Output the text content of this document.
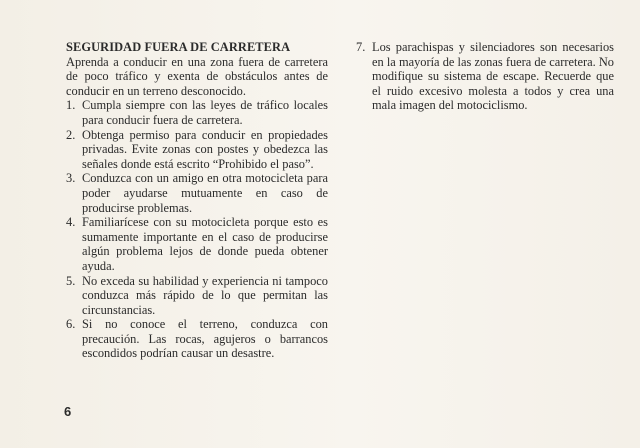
SEGURIDAD FUERA DE CARRETERA

Aprenda a conducir en una zona fuera de carretera de poco tráfico y exenta de obstáculos antes de conducir en un terreno desconocido.

1. Cumpla siempre con las leyes de tráfico locales para conducir fuera de carretera.
2. Obtenga permiso para conducir en propiedades privadas. Evite zonas con postes y obedezca las señales donde está escrito “Prohibido el paso”.
3. Conduzca con un amigo en otra motocicleta para poder ayudarse mutuamente en caso de producirse problemas.
4. Familiarícese con su motocicleta porque esto es sumamente importante en el caso de producirse algún problema lejos de donde pueda obtener ayuda.
5. No exceda su habilidad y experiencia ni tampoco conduzca más rápido de lo que permitan las circunstancias.
6. Si no conoce el terreno, conduzca con precaución. Las rocas, agujeros o barrancos escondidos podrían causar un desastre.
7. Los parachispas y silenciadores son necesarios en la mayoría de las zonas fuera de carretera. No modifique su sistema de escape. Recuerde que el ruido excesivo molesta a todos y crea una mala imagen del motociclismo.
6
